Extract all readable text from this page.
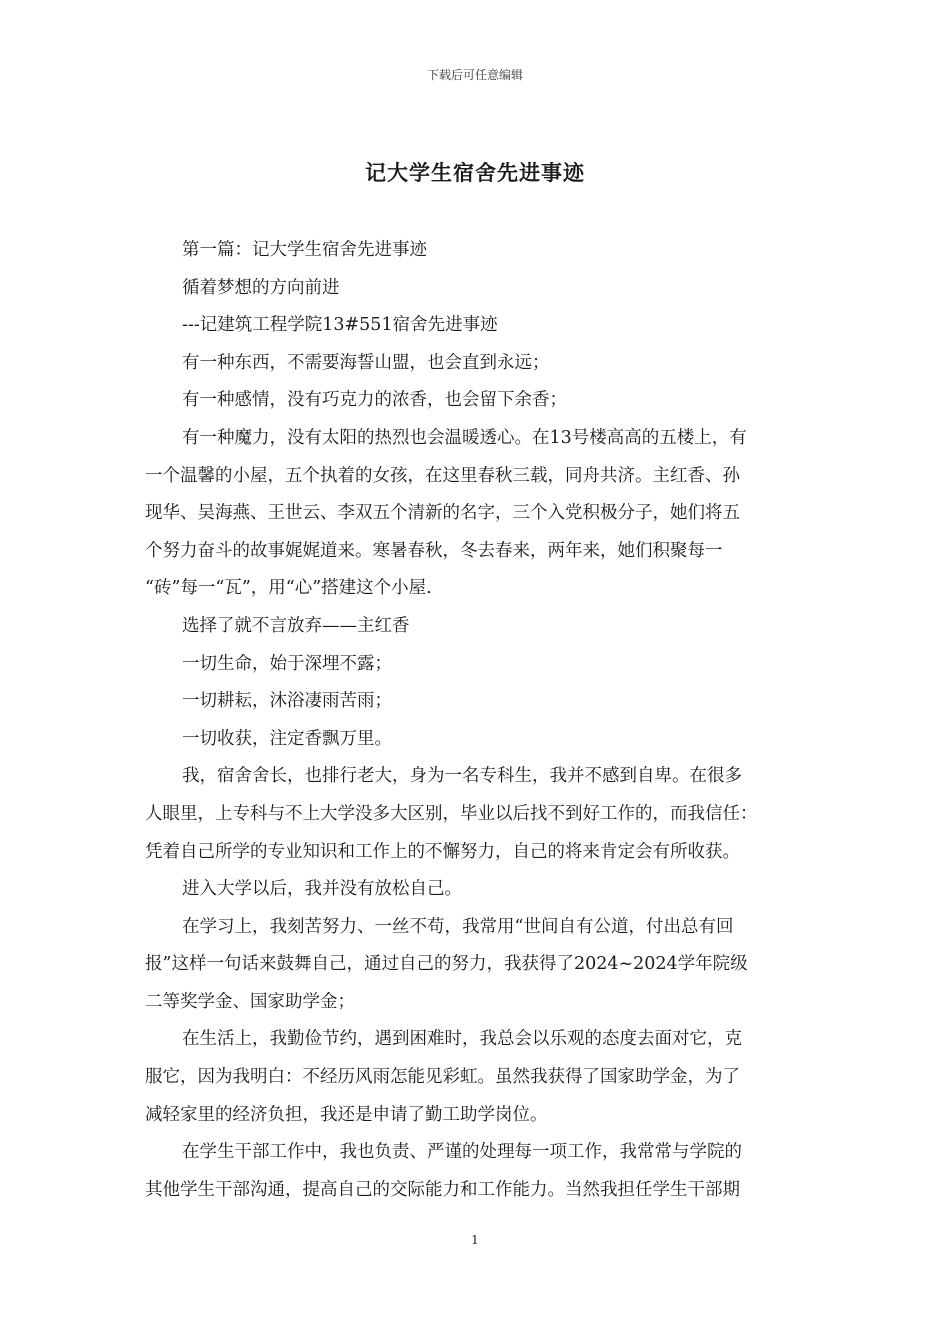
下载后可任意编辑
记大学生宿舍先进事迹

第一篇：记大学生宿舍先进事迹

循着梦想的方向前进

---记建筑工程学院13#551宿舍先进事迹

有一种东西，不需要海誓山盟，也会直到永远；

有一种感情，没有巧克力的浓香，也会留下余香；

有一种魔力，没有太阳的热烈也会温暖透心。在13号楼高高的五楼上，有

一个温馨的小屋，五个执着的女孩，在这里春秋三载，同舟共济。主红香、孙

现华、吴海燕、王世云、李双五个清新的名字，三个入党积极分子，她们将五

个努力奋斗的故事娓娓道来。寒暑春秋，冬去春来，两年来，她们积聚每一

“砖”每一“瓦”，用“心”搭建这个小屋.

选择了就不言放弃——主红香

一切生命，始于深埋不露；

一切耕耘，沐浴凄雨苦雨；

一切收获，注定香飘万里。

我，宿舍舍长，也排行老大，身为一名专科生，我并不感到自卑。在很多

人眼里，上专科与不上大学没多大区别，毕业以后找不到好工作的，而我信任：

凭着自己所学的专业知识和工作上的不懈努力，自己的将来肯定会有所收获。

进入大学以后，我并没有放松自己。

在学习上，我刻苦努力、一丝不苟，我常用“世间自有公道，付出总有回

报”这样一句话来鼓舞自己，通过自己的努力，我获得了2024~2024学年院级

二等奖学金、国家助学金；

在生活上，我勤俭节约，遇到困难时，我总会以乐观的态度去面对它，克

服它，因为我明白：不经历风雨怎能见彩虹。虽然我获得了国家助学金，为了

减轻家里的经济负担，我还是申请了勤工助学岗位。

在学生干部工作中，我也负责、严谨的处理每一项工作，我常常与学院的

其他学生干部沟通，提高自己的交际能力和工作能力。当然我担任学生干部期

1
